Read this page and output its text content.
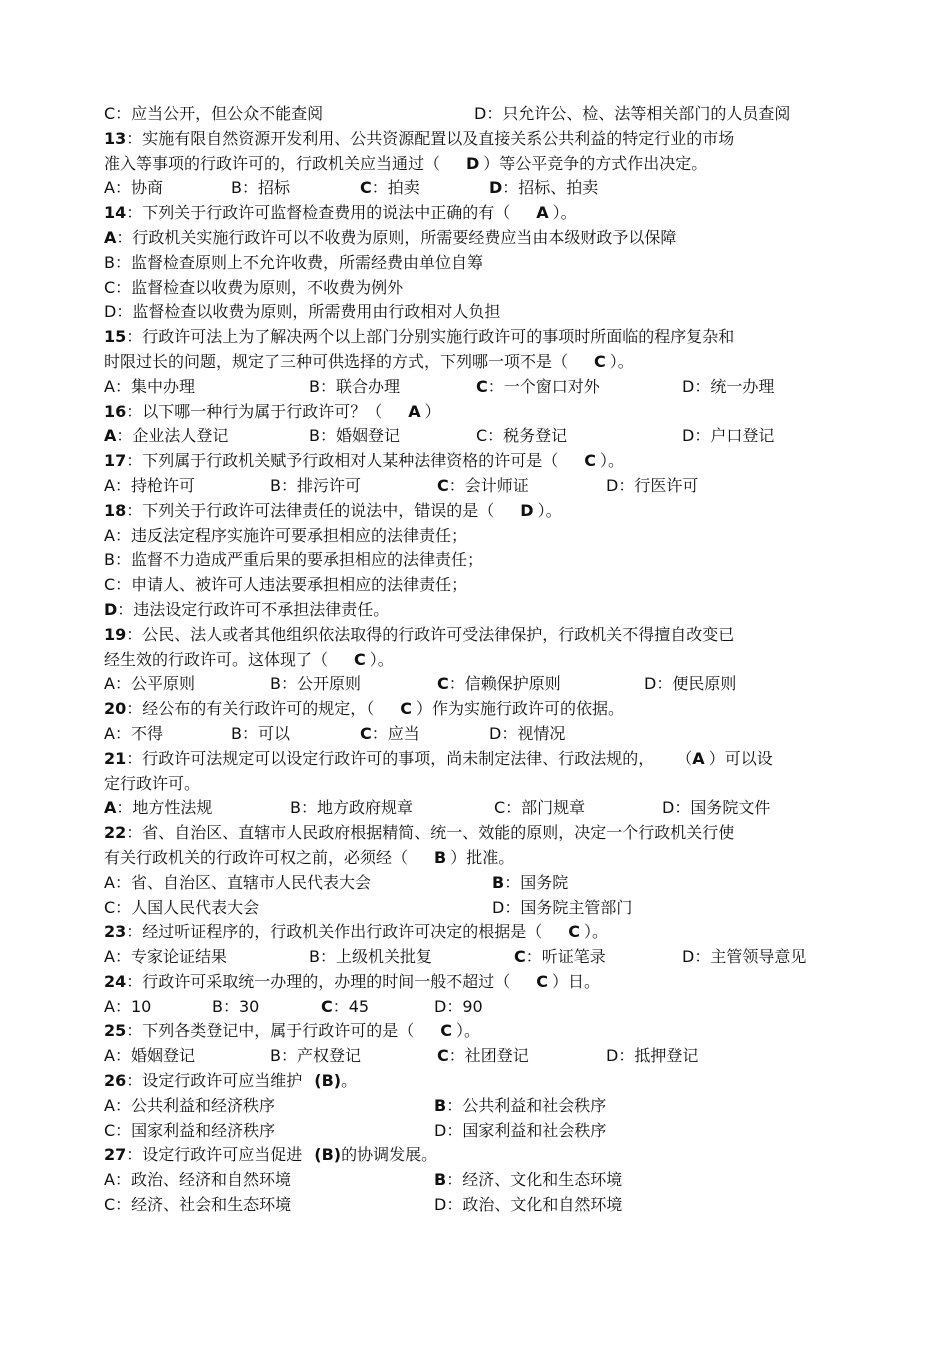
C：应当公开，但公众不能查阅	D：只允许公、检、法等相关部门的人员查阅
13：实施有限自然资源开发利用、公共资源配置以及直接关系公共利益的特定行业的市场
准入等事项的行政许可的，行政机关应当通过（ D ）等公平竞争的方式作出决定。
A：协商	B：招标	C：拍卖	D：招标、拍卖
14：下列关于行政许可监督检查费用的说法中正确的有（ A ）。
A：行政机关实施行政许可以不收费为原则，所需要经费应当由本级财政予以保障
B：监督检查原则上不允许收费，所需经费由单位自筹
C：监督检查以收费为原则，不收费为例外
D：监督检查以收费为原则，所需费用由行政相对人负担
15：行政许可法上为了解决两个以上部门分别实施行政许可的事项时所面临的程序复杂和
时限过长的问题，规定了三种可供选择的方式，下列哪一项不是（ C ）。
A：集中办理	B：联合办理	C：一个窗口对外	D：统一办理
16：以下哪一种行为属于行政许可？（ A ）
A：企业法人登记	B：婚姻登记	C：税务登记	D：户口登记
17：下列属于行政机关赋予行政相对人某种法律资格的许可是（ C ）。
A：持枪许可	B：排污许可	C：会计师证	D：行医许可
18：下列关于行政许可法律责任的说法中，错误的是（ D ）。
A：违反法定程序实施许可要承担相应的法律责任；
B：监督不力造成严重后果的要承担相应的法律责任；
C：申请人、被许可人违法要承担相应的法律责任；
D：违法设定行政许可不承担法律责任。
19：公民、法人或者其他组织依法取得的行政许可受法律保护，行政机关不得擅自改变已
经生效的行政许可。这体现了（ C ）。
A：公平原则	B：公开原则	C：信赖保护原则	D：便民原则
20：经公布的有关行政许可的规定，（ C ）作为实施行政许可的依据。
A：不得	B：可以	C：应当	D：视情况
21：行政许可法规定可以设定行政许可的事项，尚未制定法律、行政法规的， （A ）可以设
定行政许可。
A：地方性法规	B：地方政府规章	C：部门规章	D：国务院文件
22：省、自治区、直辖市人民政府根据精简、统一、效能的原则，决定一个行政机关行使
有关行政机关的行政许可权之前，必须经（ B ）批准。
A：省、自治区、直辖市人民代表大会	B：国务院
C：人国人民代表大会	D：国务院主管部门
23：经过听证程序的，行政机关作出行政许可决定的根据是（ C ）。
A：专家论证结果	B：上级机关批复	C：听证笔录	D：主管领导意见
24：行政许可采取统一办理的，办理的时间一般不超过（ C ）日。
A：10	B：30	C：45	D：90
25：下列各类登记中，属于行政许可的是（ C ）。
A：婚姻登记	B：产权登记	C：社团登记	D：抵押登记
26：设定行政许可应当维护 (B)。
A：公共利益和经济秩序	B：公共利益和社会秩序
C：国家利益和经济秩序	D：国家利益和社会秩序
27：设定行政许可应当促进 (B)的协调发展。
A：政治、经济和自然环境	B：经济、文化和生态环境
C：经济、社会和生态环境	D：政治、文化和自然环境
